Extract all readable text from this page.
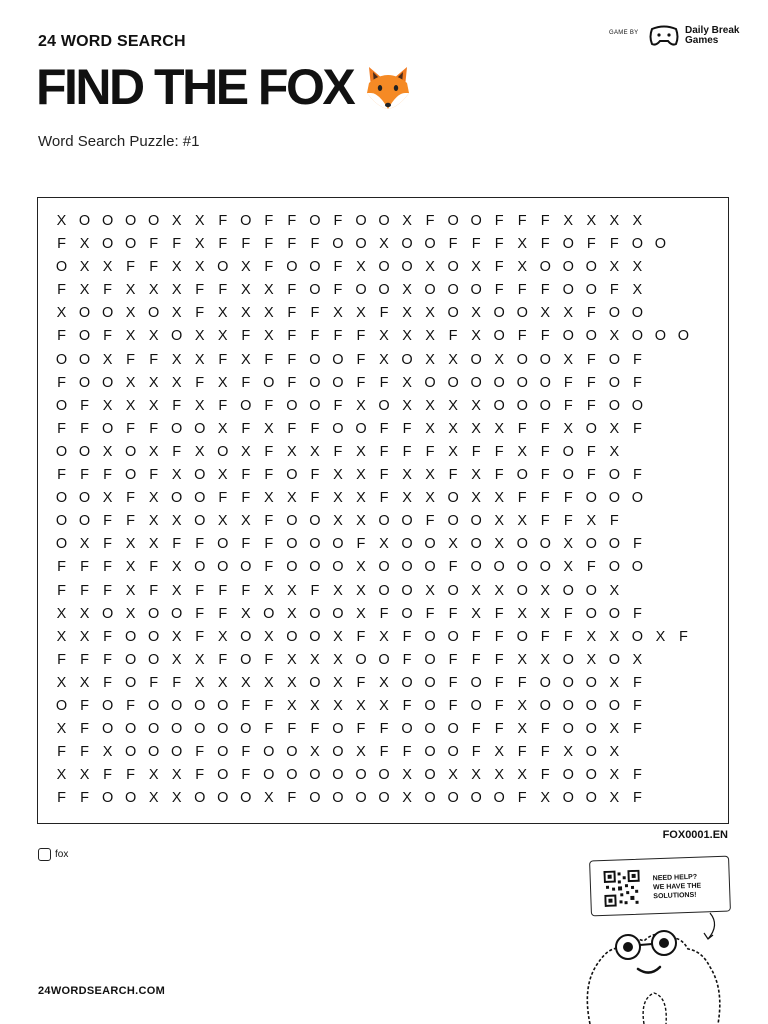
24 WORD SEARCH
FIND THE FOX
Word Search Puzzle: #1
GAME BY	Daily Break
Games
X O O O O X X F O F F O F O O X F O O F F F X X X X
F X O O F F X F F F F F O O X O O F F F X F O F F O O
O X X F F X X O X F O O F X O O X O X F X O O O X X
F X F X X X F F X X F O F O O X O O O F F F O O F X
X O O X O X F X X X F F X X F X X O X O O X X F O O
F O F X X O X X F X F F F F X X X F X O F F O O X O O O
O O X F F X X F X F F O O F X O X X O X O O X F O F
F O O X X X F X F O F O O F F X O O O O O O F F O F
O F X X X F X F O F O O F X O X X X X O O O F F O O
F F O F F O O X F X F F O O F F X X X X F F X O X F
O O X O X F X O X F X X F X F F F X F F X F O F X
F F F O F X O X F F O F X X F X X F X F O F O F O F
O O X F X O O F F X X F X X F X X O X X F F F O O O
O O F F X X O X X F O O X X O O F O O X X F F X F
O X F X X F F O F F O O O F X O O X O X O O X O O F
F F F X F X O O O F O O O X O O O F O O O O X F O O
F F F X F X F F F X X F X X O O X O X X O X O O X
X X O X O O F F X O X O O X F O F F X F X X F O O F
X X F O O X F X O X O O X F X F O O F F O F F X X O X F
F F F O O X X F O F X X X O O F O F F F X X O X O X
X X F O F F X X X X X O X F X O O F O F F O O O X F
O F O F O O O O F F X X X X X F O F O F X O O O O F
X F O O O O O O O F F F O F F O O O F F X F O O X F
F F X O O O F O F O O X O X F F O O F X F F X O X
X X F F X X F O F O O O O O O X O X X X X F O O X F
F F O O X X O O O X F O O O O X O O O O F X O O X F
FOX0001.EN
fox
24WORDSEARCH.COM
NEED HELP?
WE HAVE THE
SOLUTIONS!
